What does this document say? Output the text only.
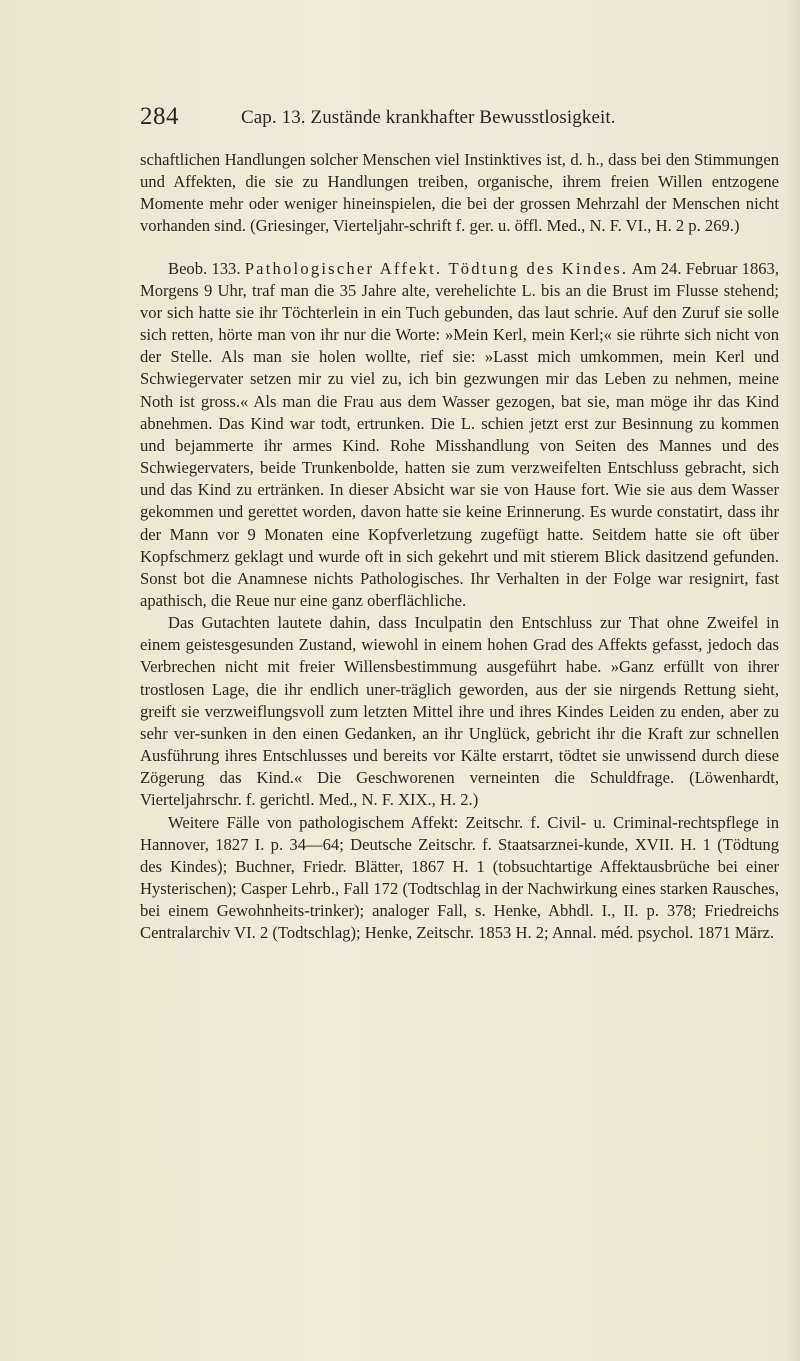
284	Cap. 13. Zustände krankhafter Bewusstlosigkeit.

schaftlichen Handlungen solcher Menschen viel Instinktives ist, d. h., dass bei den Stimmungen und Affekten, die sie zu Handlungen treiben, organische, ihrem freien Willen entzogene Momente mehr oder weniger hineinspielen, die bei der grossen Mehrzahl der Menschen nicht vorhanden sind. (Griesinger, Vierteljahr-schrift f. ger. u. öffl. Med., N. F. VI., H. 2 p. 269.)

Beob. 133. Pathologischer Affekt. Tödtung des Kindes. Am 24. Februar 1863, Morgens 9 Uhr, traf man die 35 Jahre alte, verehelichte L. bis an die Brust im Flusse stehend; vor sich hatte sie ihr Töchterlein in ein Tuch gebunden, das laut schrie. Auf den Zuruf sie solle sich retten, hörte man von ihr nur die Worte: »Mein Kerl, mein Kerl;« sie rührte sich nicht von der Stelle. Als man sie holen wollte, rief sie: »Lasst mich umkommen, mein Kerl und Schwiegervater setzen mir zu viel zu, ich bin gezwungen mir das Leben zu nehmen, meine Noth ist gross.« Als man die Frau aus dem Wasser gezogen, bat sie, man möge ihr das Kind abnehmen. Das Kind war todt, ertrunken. Die L. schien jetzt erst zur Besinnung zu kommen und bejammerte ihr armes Kind. Rohe Misshandlung von Seiten des Mannes und des Schwiegervaters, beide Trunkenbolde, hatten sie zum verzweifelten Entschluss gebracht, sich und das Kind zu ertränken. In dieser Absicht war sie von Hause fort. Wie sie aus dem Wasser gekommen und gerettet worden, davon hatte sie keine Erinnerung. Es wurde constatirt, dass ihr der Mann vor 9 Monaten eine Kopfverletzung zugefügt hatte. Seitdem hatte sie oft über Kopfschmerz geklagt und wurde oft in sich gekehrt und mit stierem Blick dasitzend gefunden. Sonst bot die Anamnese nichts Pathologisches. Ihr Verhalten in der Folge war resignirt, fast apathisch, die Reue nur eine ganz oberflächliche.

Das Gutachten lautete dahin, dass Inculpatin den Entschluss zur That ohne Zweifel in einem geistesgesunden Zustand, wiewohl in einem hohen Grad des Affekts gefasst, jedoch das Verbrechen nicht mit freier Willensbestimmung ausgeführt habe. »Ganz erfüllt von ihrer trostlosen Lage, die ihr endlich uner-träglich geworden, aus der sie nirgends Rettung sieht, greift sie verzweiflungsvoll zum letzten Mittel ihre und ihres Kindes Leiden zu enden, aber zu sehr ver-sunken in den einen Gedanken, an ihr Unglück, gebricht ihr die Kraft zur schnellen Ausführung ihres Entschlusses und bereits vor Kälte erstarrt, tödtet sie unwissend durch diese Zögerung das Kind.« Die Geschworenen verneinten die Schuldfrage. (Löwenhardt, Vierteljahrschr. f. gerichtl. Med., N. F. XIX., H. 2.)

Weitere Fälle von pathologischem Affekt: Zeitschr. f. Civil- u. Criminal-rechtspflege in Hannover, 1827 I. p. 34—64; Deutsche Zeitschr. f. Staatsarznei-kunde, XVII. H. 1 (Tödtung des Kindes); Buchner, Friedr. Blätter, 1867 H. 1 (tobsuchtartige Affektausbrüche bei einer Hysterischen); Casper Lehrb., Fall 172 (Todtschlag in der Nachwirkung eines starken Rausches, bei einem Gewohnheits-trinker); analoger Fall, s. Henke, Abhdl. I., II. p. 378; Friedreichs Centralarchiv VI. 2 (Todtschlag); Henke, Zeitschr. 1853 H. 2; Annal. méd. psychol. 1871 März.
